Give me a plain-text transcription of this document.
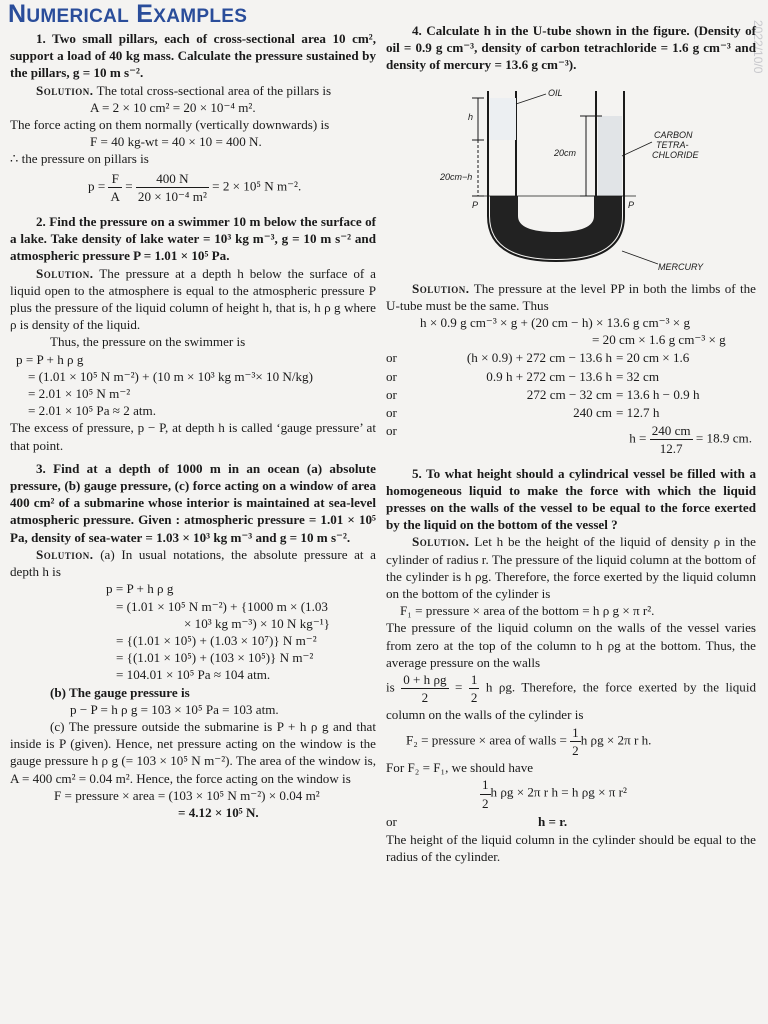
NUMERICAL EXAMPLES
2022/10/0

1. Two small pillars, each of cross-sectional area 10 cm², support a load of 40 kg mass. Calculate the pressure sustained by the pillars, g = 10 m s⁻².

Solution. The total cross-sectional area of the pillars is

A = 2 × 10 cm² = 20 × 10⁻⁴ m².

The force acting on them normally (vertically downwards) is

F = 40 kg-wt = 40 × 10 = 400 N.

∴ the pressure on pillars is

$p = \frac{F}{A} = \frac{400 N}{\text{20 × 10⁻⁴ m²}} = 2 \times 10^5$ N m⁻².

2. Find the pressure on a swimmer 10 m below the surface of a lake. Take density of lake water = 10³ kg m⁻³, g = 10 m s⁻² and atmospheric pressure P = 1.01 × 10⁵ Pa.

Solution. The pressure at a depth h below the surface of a liquid open to the atmosphere is equal to the atmospheric pressure P plus the pressure of the liquid column of height h, that is, h ρ g where ρ is density of the liquid.

Thus, the pressure on the swimmer is

p = P + h ρ g

= (1.01 × 10⁵ N m⁻²) + (10 m × 10³ kg m⁻³× 10 N/kg)

= 2.01 × 10⁵ N m⁻²

= 2.01 × 10⁵ Pa ≈ 2 atm.

The excess of pressure, p − P, at depth h is called ‘gauge pressure’ at that point.

3. Find at a depth of 1000 m in an ocean (a) absolute pressure, (b) gauge pressure, (c) force acting on a window of area 400 cm² of a submarine whose interior is maintained at sea-level atmospheric pressure. Given : atmospheric pressure = 1.01 × 10⁵ Pa, density of sea-water = 1.03 × 10³ kg m⁻³ and g = 10 m s⁻².

Solution. (a) In usual notations, the absolute pressure at a depth h is

p = P + h ρ g

= (1.01 × 10⁵ N m⁻²) + {1000 m × (1.03

× 10³ kg m⁻³) × 10 N kg⁻¹}

= {(1.01 × 10⁵) + (1.03 × 10⁷)} N m⁻²

= {(1.01 × 10⁵) + (103 × 10⁵)} N m⁻²

= 104.01 × 10⁵ Pa ≈ 104 atm.

(b) The gauge pressure is

p − P = h ρ g = 103 × 10⁵ Pa = 103 atm.

(c) The pressure outside the submarine is P + h ρ g and that inside is P (given). Hence, net pressure acting on the window is the gauge pressure h ρ g (= 103 × 10⁵ N m⁻²). The area of the window is, A = 400 cm² = 0.04 m². Hence, the force acting on the window is

F = pressure × area = (103 × 10⁵ N m⁻²) × 0.04 m²

= 4.12 × 10⁵ N.

4. Calculate h in the U-tube shown in the figure. (Density of oil = 0.9 g cm⁻³, density of carbon tetrachloride = 1.6 g cm⁻³ and density of mercury = 13.6 g cm⁻³).

OIL
h
20cm
20cm−h
CARBON
TETRA-
CHLORIDE
P	P
MERCURY

Solution. The pressure at the level PP in both the limbs of the U-tube must be the same. Thus

h × 0.9 g cm⁻³ × g + (20 cm − h) × 13.6 g cm⁻³ × g

= 20 cm × 1.6 g cm⁻³ × g

or	(h × 0.9) + 272 cm − 13.6 h = 20 cm × 1.6
or	0.9 h + 272 cm − 13.6 h = 32 cm
or	272 cm − 32 cm = 13.6 h − 0.9 h
or	240 cm = 12.7 h
or
$h = \frac{240 cm}{12.7} = 18.9$ cm.

5. To what height should a cylindrical vessel be filled with a homogeneous liquid to make the force with which the liquid presses on the walls of the vessel to be equal to the force exerted by the liquid on the bottom of the vessel ?

Solution. Let h be the height of the liquid of density ρ in the cylinder of radius r. The pressure of the liquid column at the bottom of the cylinder is h ρg. Therefore, the force exerted by the liquid column on the bottom of the cylinder is

F₁ = pressure × area of the bottom = h ρ g × π r².

The pressure of the liquid column on the walls of the vessel varies from zero at the top of the column to h ρg at the bottom. Thus, the average pressure on the walls

is $\frac{\text{0 + h ρg}}{2} = \frac{1}{2}$ h ρg. Therefore, the force exerted by the liquid column on the walls of the cylinder is

F₂ = pressure × area of walls = $\frac{1}{2}$ h ρg × 2π r h.

For F₂ = F₁, we should have

$\frac{1}{2}$ h ρg × 2π r h = h ρg × π r²

or	h = r.

The height of the liquid column in the cylinder should be equal to the radius of the cylinder.
